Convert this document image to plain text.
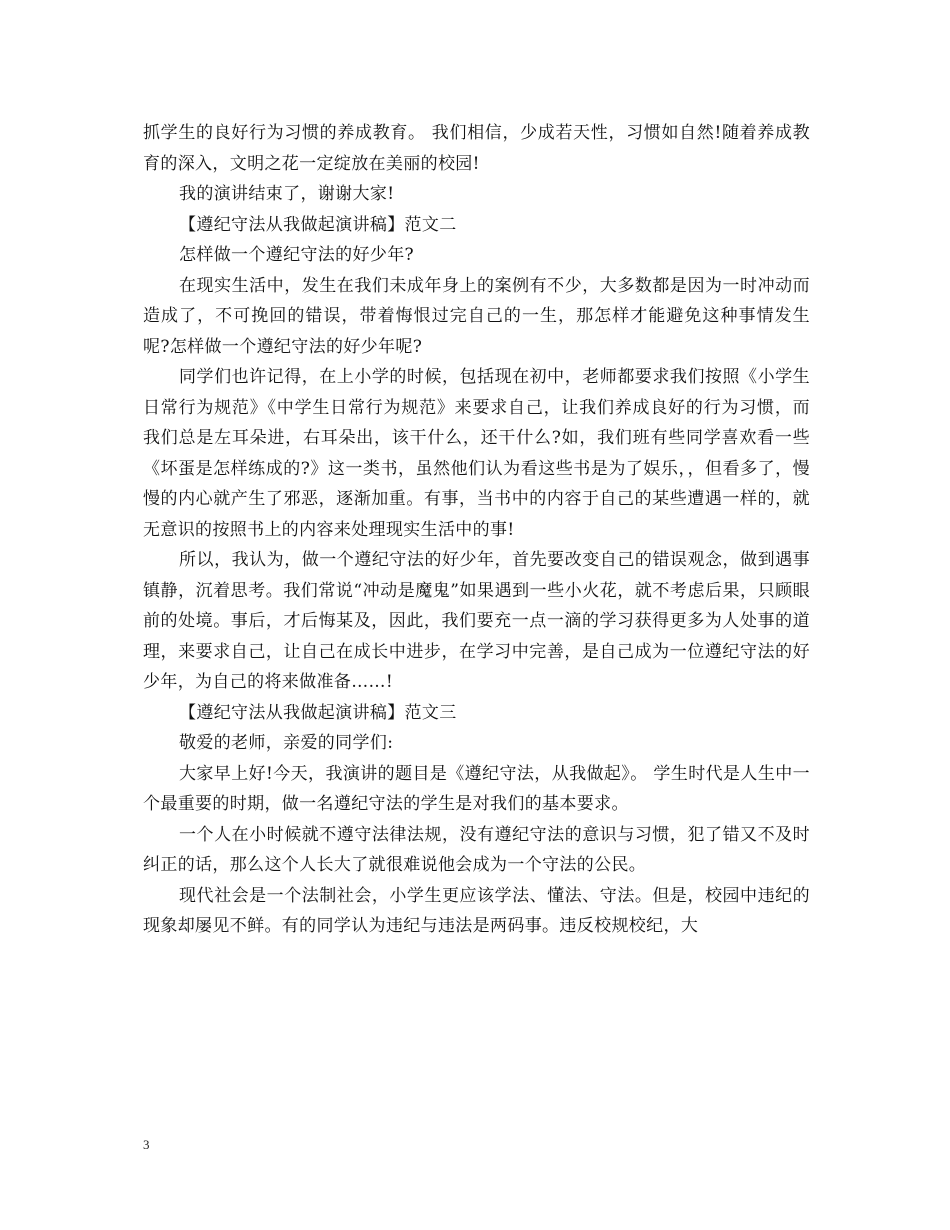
抓学生的良好行为习惯的养成教育。 我们相信，少成若天性，习惯如自然!随着养成教育的深入，文明之花一定绽放在美丽的校园!

我的演讲结束了，谢谢大家!

【遵纪守法从我做起演讲稿】范文二

怎样做一个遵纪守法的好少年?

在现实生活中，发生在我们未成年身上的案例有不少，大多数都是因为一时冲动而造成了，不可挽回的错误，带着悔恨过完自己的一生，那怎样才能避免这种事情发生呢?怎样做一个遵纪守法的好少年呢?

同学们也许记得，在上小学的时候，包括现在初中，老师都要求我们按照《小学生日常行为规范》《中学生日常行为规范》来要求自己，让我们养成良好的行为习惯，而我们总是左耳朵进，右耳朵出，该干什么，还干什么?如，我们班有些同学喜欢看一些《坏蛋是怎样练成的?》这一类书，虽然他们认为看这些书是为了娱乐，，但看多了，慢慢的内心就产生了邪恶，逐渐加重。有事，当书中的内容于自己的某些遭遇一样的，就无意识的按照书上的内容来处理现实生活中的事!

所以，我认为，做一个遵纪守法的好少年，首先要改变自己的错误观念，做到遇事镇静，沉着思考。我们常说“冲动是魔鬼”如果遇到一些小火花，就不考虑后果，只顾眼前的处境。事后，才后悔某及，因此，我们要充一点一滴的学习获得更多为人处事的道理，来要求自己，让自己在成长中进步，在学习中完善，是自己成为一位遵纪守法的好少年，为自己的将来做准备……!

【遵纪守法从我做起演讲稿】范文三

敬爱的老师，亲爱的同学们:

大家早上好!今天，我演讲的题目是《遵纪守法，从我做起》。 学生时代是人生中一个最重要的时期，做一名遵纪守法的学生是对我们的基本要求。

一个人在小时候就不遵守法律法规，没有遵纪守法的意识与习惯，犯了错又不及时纠正的话，那么这个人长大了就很难说他会成为一个守法的公民。

现代社会是一个法制社会，小学生更应该学法、懂法、守法。但是，校园中违纪的现象却屡见不鲜。有的同学认为违纪与违法是两码事。违反校规校纪，大

3
